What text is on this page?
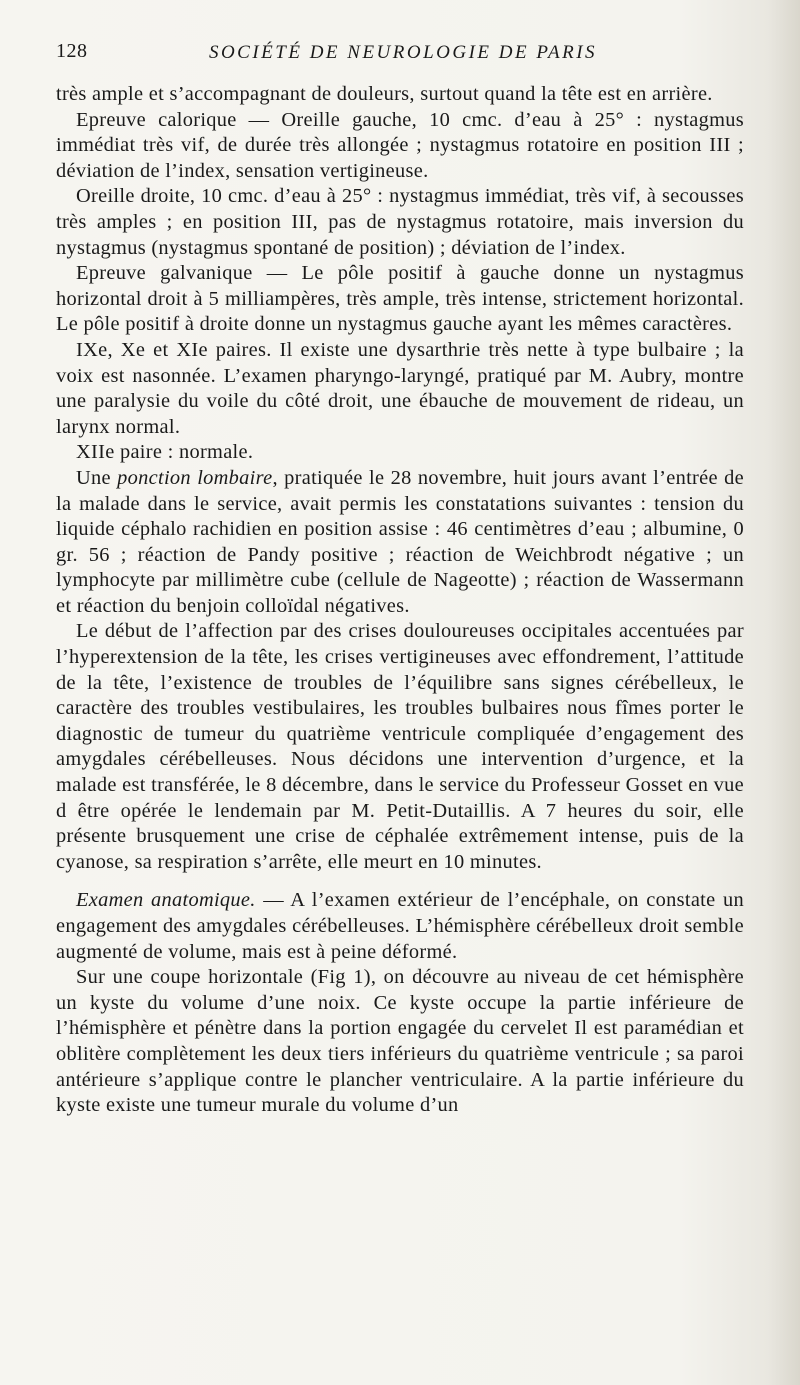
128	SOCIÉTÉ DE NEUROLOGIE DE PARIS

très ample et s’accompagnant de douleurs, surtout quand la tête est en arrière.

Epreuve calorique — Oreille gauche, 10 cmc. d’eau à 25° : nystagmus immédiat très vif, de durée très allongée ; nystagmus rotatoire en position III ; déviation de l’index, sensation vertigineuse.

Oreille droite, 10 cmc. d’eau à 25° : nystagmus immédiat, très vif, à secousses très amples ; en position III, pas de nystagmus rotatoire, mais inversion du nystagmus (nystagmus spontané de position) ; déviation de l’index.

Epreuve galvanique — Le pôle positif à gauche donne un nystagmus horizontal droit à 5 milliampères, très ample, très intense, strictement horizontal. Le pôle positif à droite donne un nystagmus gauche ayant les mêmes caractères.

IXe, Xe et XIe paires. Il existe une dysarthrie très nette à type bulbaire ; la voix est nasonnée. L’examen pharyngo-laryngé, pratiqué par M. Aubry, montre une paralysie du voile du côté droit, une ébauche de mouvement de rideau, un larynx normal.

XIIe paire : normale.

Une ponction lombaire, pratiquée le 28 novembre, huit jours avant l’entrée de la malade dans le service, avait permis les constatations suivantes : tension du liquide céphalo rachidien en position assise : 46 centimètres d’eau ; albumine, 0 gr. 56 ; réaction de Pandy positive ; réaction de Weichbrodt négative ; un lymphocyte par millimètre cube (cellule de Nageotte) ; réaction de Wassermann et réaction du benjoin colloïdal négatives.

Le début de l’affection par des crises douloureuses occipitales accentuées par l’hyperextension de la tête, les crises vertigineuses avec effondrement, l’attitude de la tête, l’existence de troubles de l’équilibre sans signes cérébelleux, le caractère des troubles vestibulaires, les troubles bulbaires nous fîmes porter le diagnostic de tumeur du quatrième ventricule compliquée d’engagement des amygdales cérébelleuses. Nous décidons une intervention d’urgence, et la malade est transférée, le 8 décembre, dans le service du Professeur Gosset en vue d être opérée le lendemain par M. Petit-Dutaillis. A 7 heures du soir, elle présente brusquement une crise de céphalée extrêmement intense, puis de la cyanose, sa respiration s’arrête, elle meurt en 10 minutes.

Examen anatomique. — A l’examen extérieur de l’encéphale, on constate un engagement des amygdales cérébelleuses. L’hémisphère cérébelleux droit semble augmenté de volume, mais est à peine déformé.

Sur une coupe horizontale (Fig 1), on découvre au niveau de cet hémisphère un kyste du volume d’une noix. Ce kyste occupe la partie inférieure de l’hémisphère et pénètre dans la portion engagée du cervelet Il est paramédian et oblitère complètement les deux tiers inférieurs du quatrième ventricule ; sa paroi antérieure s’applique contre le plancher ventriculaire. A la partie inférieure du kyste existe une tumeur murale du volume d’un
